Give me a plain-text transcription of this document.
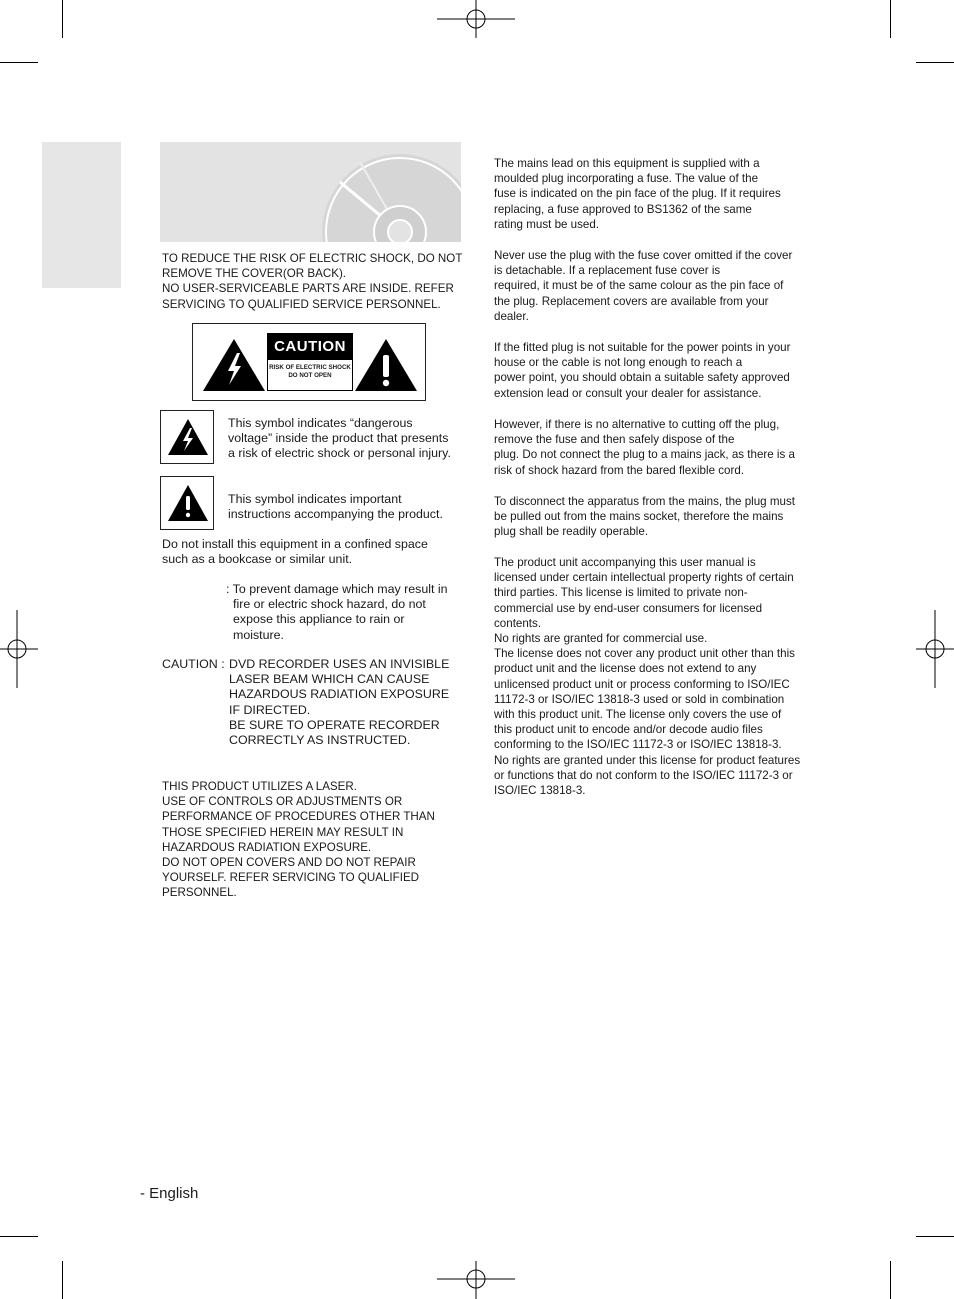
TO REDUCE THE RISK OF ELECTRIC SHOCK, DO NOT
REMOVE THE COVER(OR BACK).
NO USER-SERVICEABLE PARTS ARE INSIDE. REFER
SERVICING TO QUALIFIED SERVICE PERSONNEL.
CAUTION
RISK OF ELECTRIC SHOCK
DO NOT OPEN
This symbol indicates “dangerous
voltage” inside the product that presents
a risk of electric shock or personal injury.
This symbol indicates important
instructions accompanying the product.
Do not install this equipment in a confined space
such as a bookcase or similar unit.
: To prevent damage which may result in
fire or electric shock hazard, do not
expose this appliance to rain or
moisture.
CAUTION : DVD RECORDER USES AN INVISIBLE
LASER BEAM WHICH CAN CAUSE
HAZARDOUS RADIATION EXPOSURE
IF DIRECTED.
BE SURE TO OPERATE RECORDER
CORRECTLY AS INSTRUCTED.
THIS PRODUCT UTILIZES A LASER.
USE OF CONTROLS OR ADJUSTMENTS OR
PERFORMANCE OF PROCEDURES OTHER THAN
THOSE SPECIFIED HEREIN MAY RESULT IN
HAZARDOUS RADIATION EXPOSURE.
DO NOT OPEN COVERS AND DO NOT REPAIR
YOURSELF. REFER SERVICING TO QUALIFIED
PERSONNEL.
The mains lead on this equipment is supplied with a
moulded plug incorporating a fuse. The value of the
fuse is indicated on the pin face of the plug. If it requires
replacing, a fuse approved to BS1362 of the same
rating must be used.
Never use the plug with the fuse cover omitted if the cover
is detachable. If a replacement fuse cover is
required, it must be of the same colour as the pin face of
the plug. Replacement covers are available from your
dealer.
If the fitted plug is not suitable for the power points in your
house or the cable is not long enough to reach a
power point, you should obtain a suitable safety approved
extension lead or consult your dealer for assistance.
However, if there is no alternative to cutting off the plug,
remove the fuse and then safely dispose of the
plug. Do not connect the plug to a mains jack, as there is a
risk of shock hazard from the bared flexible cord.
To disconnect the apparatus from the mains, the plug must
be pulled out from the mains socket, therefore the mains
plug shall be readily operable.
The product unit accompanying this user manual is
licensed under certain intellectual property rights of certain
third parties. This license is limited to private non-
commercial use by end-user consumers for licensed
contents.
No rights are granted for commercial use.
The license does not cover any product unit other than this
product unit and the license does not extend to any
unlicensed product unit or process conforming to ISO/IEC
11172-3 or ISO/IEC 13818-3 used or sold in combination
with this product unit. The license only covers the use of
this product unit to encode and/or decode audio files
conforming to the ISO/IEC 11172-3 or ISO/IEC 13818-3.
No rights are granted under this license for product features
or functions that do not conform to the ISO/IEC 11172-3 or
ISO/IEC 13818-3.
- English
